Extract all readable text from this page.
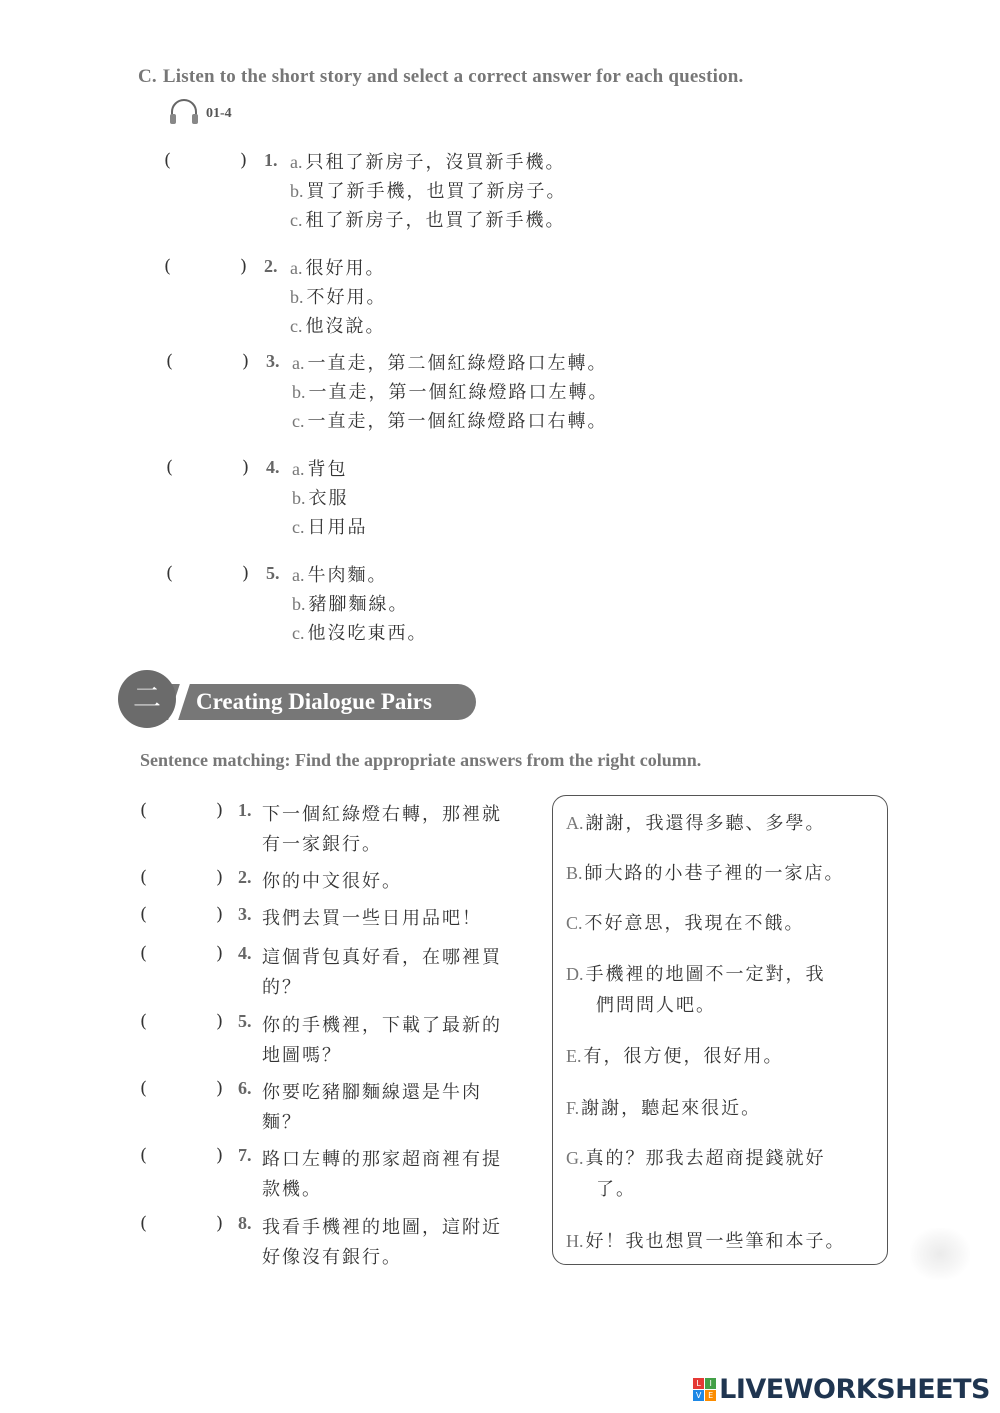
C. Listen to the short story and select a correct answer for each question.
01-4
(	) 1. a. 只租了新房子，沒買新手機。
b. 買了新手機，也買了新房子。
c. 租了新房子，也買了新手機。
(	) 2. a. 很好用。
b. 不好用。
c. 他沒說。
(	) 3. a. 一直走，第二個紅綠燈路口左轉。
b. 一直走，第一個紅綠燈路口左轉。
c. 一直走，第一個紅綠燈路口右轉。
(	) 4. a. 背包
b. 衣服
c. 日用品
(	) 5. a. 牛肉麵。
b. 豬腳麵線。
c. 他沒吃東西。
二	Creating Dialogue Pairs
Sentence matching: Find the appropriate answers from the right column.
(	) 1. 下一個紅綠燈右轉，那裡就有一家銀行。
(	) 2. 你的中文很好。
(	) 3. 我們去買一些日用品吧！
(	) 4. 這個背包真好看，在哪裡買的？
(	) 5. 你的手機裡，下載了最新的地圖嗎？
(	) 6. 你要吃豬腳麵線還是牛肉麵？
(	) 7. 路口左轉的那家超商裡有提款機。
(	) 8. 我看手機裡的地圖，這附近好像沒有銀行。
A. 謝謝，我還得多聽、多學。
B. 師大路的小巷子裡的一家店。
C. 不好意思，我現在不餓。
D. 手機裡的地圖不一定對，我
們問問人吧。
E. 有，很方便，很好用。
F. 謝謝，聽起來很近。
G. 真的？那我去超商提錢就好
了。
H. 好！我也想買一些筆和本子。
L	I
V E LIVEWORKSHEETS
